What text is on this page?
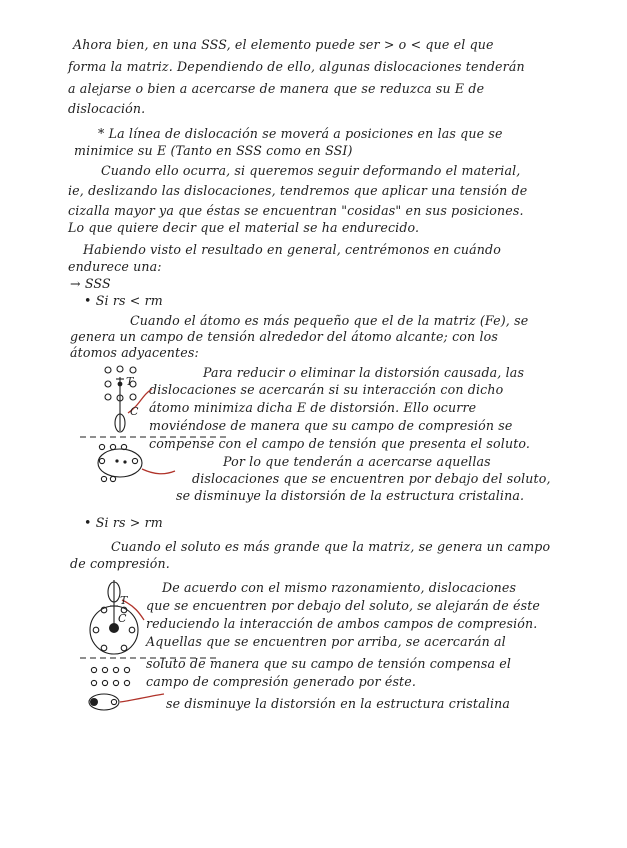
Ahora bien, en una SSS, el elemento puede ser > o < que el que
forma la matriz. Dependiendo de ello, algunas dislocaciones tenderán
a alejarse o bien a acercarse de manera que se reduzca su E de
dislocación.
* La línea de dislocación se moverá a posiciones en las que se
minimice su E (Tanto en SSS como en SSI)
Cuando ello ocurra, si queremos seguir deformando el material,
ie, deslizando las dislocaciones, tendremos que aplicar una tensión de
cizalla mayor ya que éstas se encuentran "cosidas" en sus posiciones.
Lo que quiere decir que el material se ha endurecido.
Habiendo visto el resultado en general, centrémonos en cuándo
endurece una:
→ SSS
• Si rs < rm
Cuando el átomo es más pequeño que el de la matriz (Fe), se
genera un campo de tensión alrededor del átomo alcante; con los
átomos adyacentes:
Para reducir o eliminar la distorsión causada, las
dislocaciones se acercarán si su interacción con dicho
átomo minimiza dicha E de distorsión. Ello ocurre
moviéndose de manera que su campo de compresión se
compense con el campo de tensión que presenta el soluto.
Por lo que tenderán a acercarse aquellas
dislocaciones que se encuentren por debajo del soluto,
se disminuye la distorsión de la estructura cristalina.
T
C
• Si rs > rm
Cuando el soluto es más grande que la matriz, se genera un campo
de compresión.
De acuerdo con el mismo razonamiento, dislocaciones
que se encuentren por debajo del soluto, se alejarán de éste
reduciendo la interacción de ambos campos de compresión.
Aquellas que se encuentren por arriba, se acercarán al
soluto de manera que su campo de tensión compensa el
campo de compresión generado por éste.
se disminuye la distorsión en la estructura cristalina
T
C
